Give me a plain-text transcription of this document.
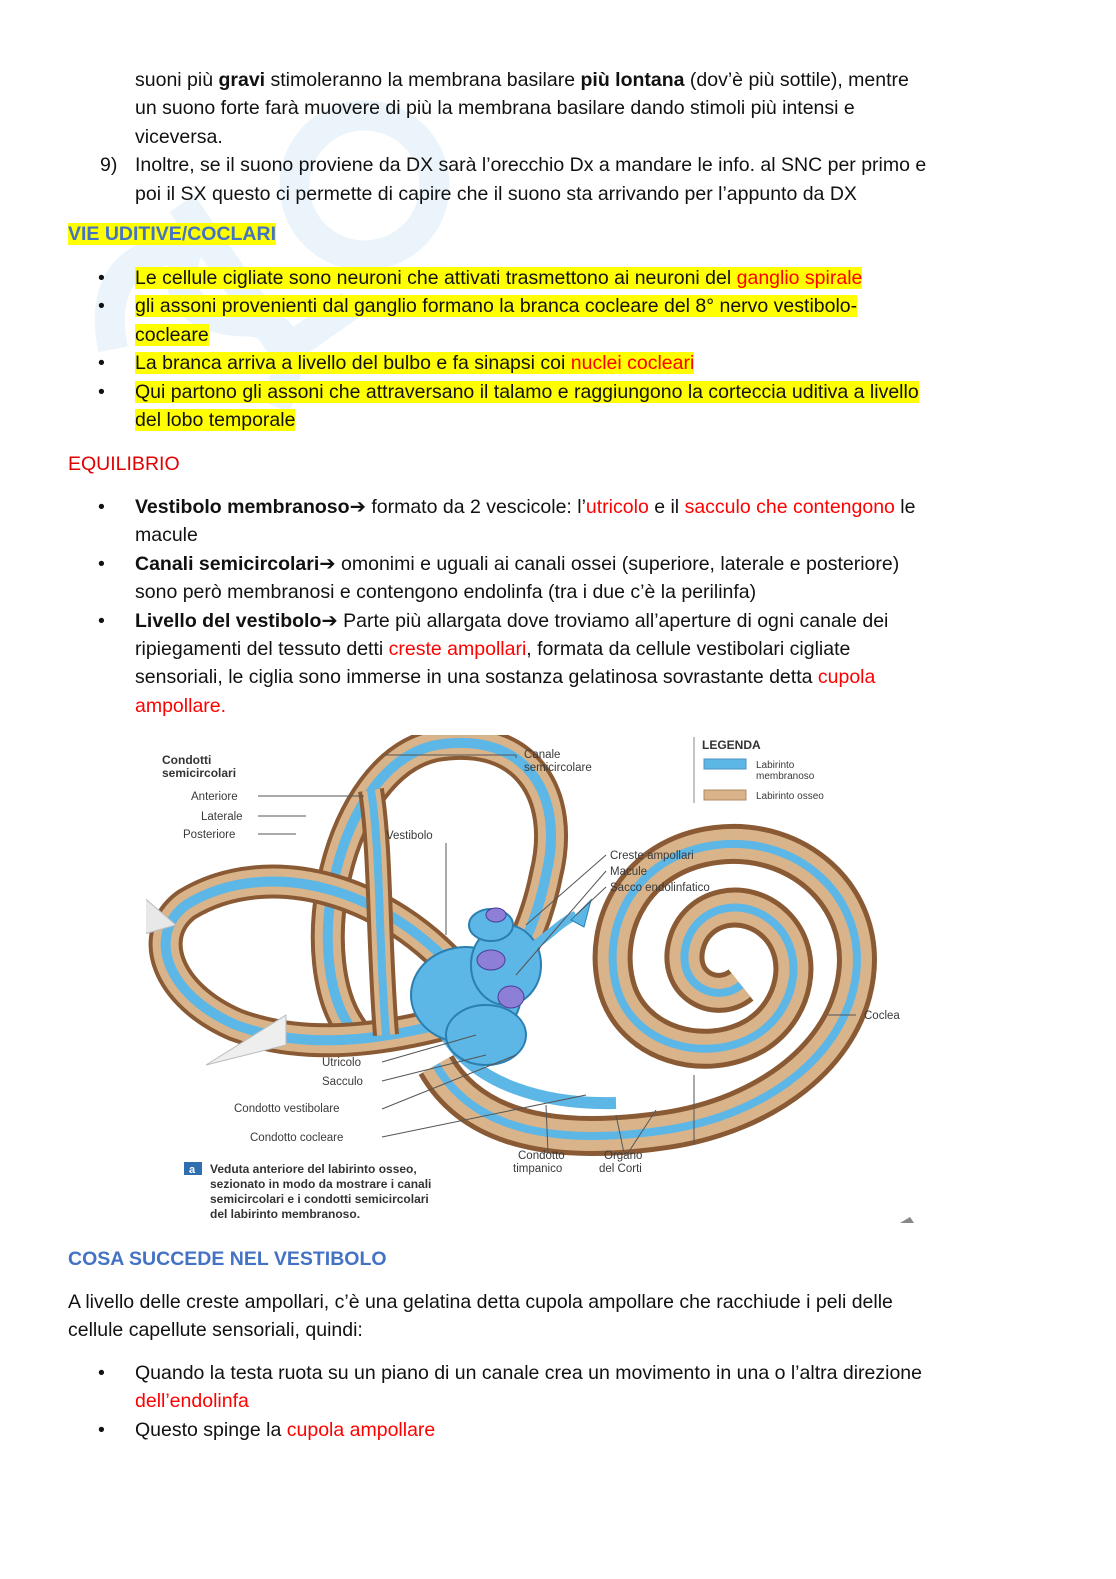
suoni più gravi stimoleranno la membrana basilare più lontana (dov’è più sottile), mentre
un suono forte farà muovere di più la membrana basilare dando stimoli più intensi e
viceversa.
9) Inoltre, se il suono proviene da DX sarà l’orecchio Dx a mandare le info. al SNC per primo e
poi il SX questo ci permette di capire che il suono sta arrivando per l’appunto da DX
VIE UDITIVE/COCLARI
• Le cellule cigliate sono neuroni che attivati trasmettono ai neuroni del ganglio spirale
• gli assoni provenienti dal ganglio formano la branca cocleare del 8° nervo vestibolo-
cocleare
• La branca arriva a livello del bulbo e fa sinapsi coi nuclei cocleari
• Qui partono gli assoni che attraversano il talamo e raggiungono la corteccia uditiva a livello
del lobo temporale
EQUILIBRIO
• Vestibolo membranoso➔ formato da 2 vescicole: l’utricolo e il sacculo che contengono le
macule
• Canali semicircolari➔ omonimi e uguali ai canali ossei (superiore, laterale e posteriore)
sono però membranosi e contengono endolinfa (tra i due c’è la perilinfa)
• Livello del vestibolo➔ Parte più allargata dove troviamo all’aperture di ogni canale dei
ripiegamenti del tessuto detti creste ampollari, formata da cellule vestibolari cigliate
sensoriali, le ciglia sono immerse in una sostanza gelatinosa sovrastante detta cupola
ampollare.
Condotti
semicircolari
Anteriore
Laterale
Posteriore
Canale
semicircolare
LEGENDA
Labirinto
membranoso
Labirinto osseo
Vestibolo
Creste ampollari
Macule
Sacco endolinfatico
Coclea
Utricolo
Sacculo
Condotto vestibolare
Condotto cocleare
Condotto
timpanico
Organo
del Corti
a Veduta anteriore del labirinto osseo,
sezionato in modo da mostrare i canali
semicircolari e i condotti semicircolari
del labirinto membranoso.
COSA SUCCEDE NEL VESTIBOLO
A livello delle creste ampollari, c’è una gelatina detta cupola ampollare che racchiude i peli delle
cellule capellute sensoriali, quindi:
• Quando la testa ruota su un piano di un canale crea un movimento in una o l’altra direzione
dell’endolinfa
• Questo spinge la cupola ampollare
